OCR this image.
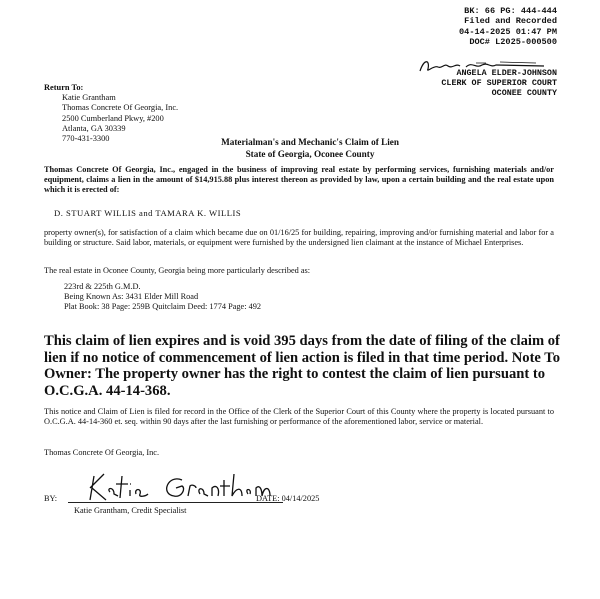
BK: 66 PG: 444-444
Filed and Recorded
04-14-2025 01:47 PM
DOC# L2025-000500
ANGELA ELDER-JOHNSON
CLERK OF SUPERIOR COURT
OCONEE COUNTY
Return To:
Katie Grantham
Thomas Concrete Of Georgia, Inc.
2500 Cumberland Pkwy, #200
Atlanta, GA 30339
770-431-3300	Materialman's and Mechanic's Claim of Lien
State of Georgia, Oconee County
Thomas Concrete Of Georgia, Inc., engaged in the business of improving real estate by performing services, furnishing materials and/or equipment, claims a lien in the amount of $14,915.88 plus interest thereon as provided by law, upon a certain building and the real estate upon which it is erected of:
D. STUART WILLIS and TAMARA K. WILLIS
property owner(s), for satisfaction of a claim which became due on 01/16/25 for building, repairing, improving and/or furnishing material and labor for a building or structure. Said labor, materials, or equipment were furnished by the undersigned lien claimant at the instance of Michael Enterprises.
The real estate in Oconee County, Georgia being more particularly described as:
223rd & 225th G.M.D.
Being Known As: 3431 Elder Mill Road
Plat Book: 38 Page: 259B Quitclaim Deed: 1774 Page: 492
This claim of lien expires and is void 395 days from the date of filing of the claim of lien if no notice of commencement of lien action is filed in that time period. Note To Owner: The property owner has the right to contest the claim of lien pursuant to O.C.G.A. 44-14-368.
This notice and Claim of Lien is filed for record in the Office of the Clerk of the Superior Court of this County where the property is located pursuant to O.C.G.A. 44-14-360 et. seq. within 90 days after the last furnishing or performance of the aforementioned labor, service or material.
Thomas Concrete Of Georgia, Inc.
BY:
Katie Grantham, Credit Specialist
DATE: 04/14/2025
